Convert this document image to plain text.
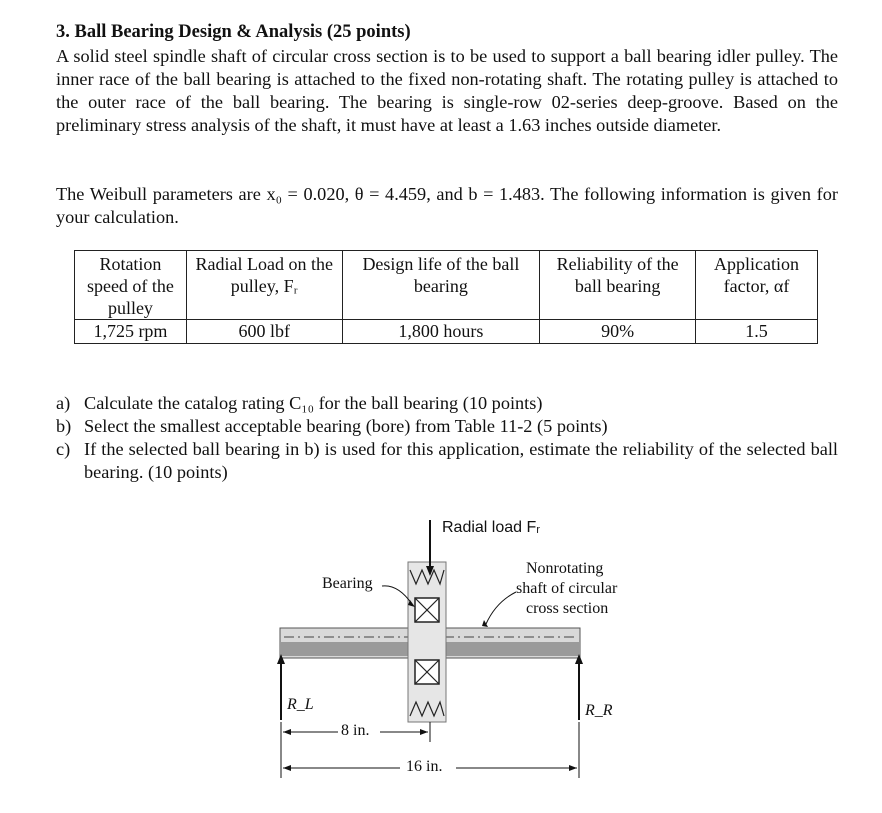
3. Ball Bearing Design & Analysis (25 points)
A solid steel spindle shaft of circular cross section is to be used to support a ball bearing idler pulley. The inner race of the ball bearing is attached to the fixed non-rotating shaft. The rotating pulley is attached to the outer race of the ball bearing. The bearing is single-row 02-series deep-groove. Based on the preliminary stress analysis of the shaft, it must have at least a 1.63 inches outside diameter.
The Weibull parameters are x₀ = 0.020, θ = 4.459, and b = 1.483. The following information is given for your calculation.
Rotation speed of the pulley	Radial Load on the pulley, Fᵣ	Design life of the ball bearing	Reliability of the ball bearing	Application factor, αf
1,725 rpm	600 lbf	1,800 hours	90%	1.5
a) Calculate the catalog rating C₁₀ for the ball bearing (10 points)
b) Select the smallest acceptable bearing (bore) from Table 11-2 (5 points)
c) If the selected ball bearing in b) is used for this application, estimate the reliability of the selected ball bearing. (10 points)
Radial load Fᵣ
Bearing
Nonrotating
shaft of circular
cross section
R_L	R_R
8 in.
16 in.
